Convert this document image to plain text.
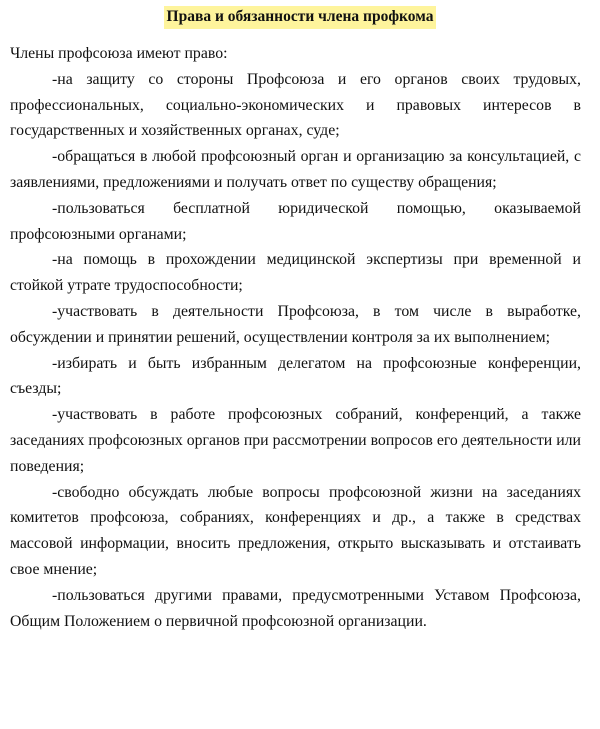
Права и обязанности члена профкома

Члены профсоюза имеют право:

-на защиту со стороны Профсоюза и его органов своих трудовых, профессиональных, социально-экономических и правовых интересов в государственных и хозяйственных органах, суде;

-обращаться в любой профсоюзный орган и организацию за консультацией, с заявлениями, предложениями и получать ответ по существу обращения;

-пользоваться бесплатной юридической помощью, оказываемой профсоюзными органами;

-на помощь в прохождении медицинской экспертизы при временной и стойкой утрате трудоспособности;

-участвовать в деятельности Профсоюза, в том числе в выработке, обсуждении и принятии решений, осуществлении контроля за их выполнением;

-избирать и быть избранным делегатом на профсоюзные конференции, съезды;

-участвовать в работе профсоюзных собраний, конференций, а также заседаниях профсоюзных органов при рассмотрении вопросов его деятельности или поведения;

-свободно обсуждать любые вопросы профсоюзной жизни на заседаниях комитетов профсоюза, собраниях, конференциях и др., а также в средствах массовой информации, вносить предложения, открыто высказывать и отстаивать свое мнение;

-пользоваться другими правами, предусмотренными Уставом Профсоюза, Общим Положением о первичной профсоюзной организации.
